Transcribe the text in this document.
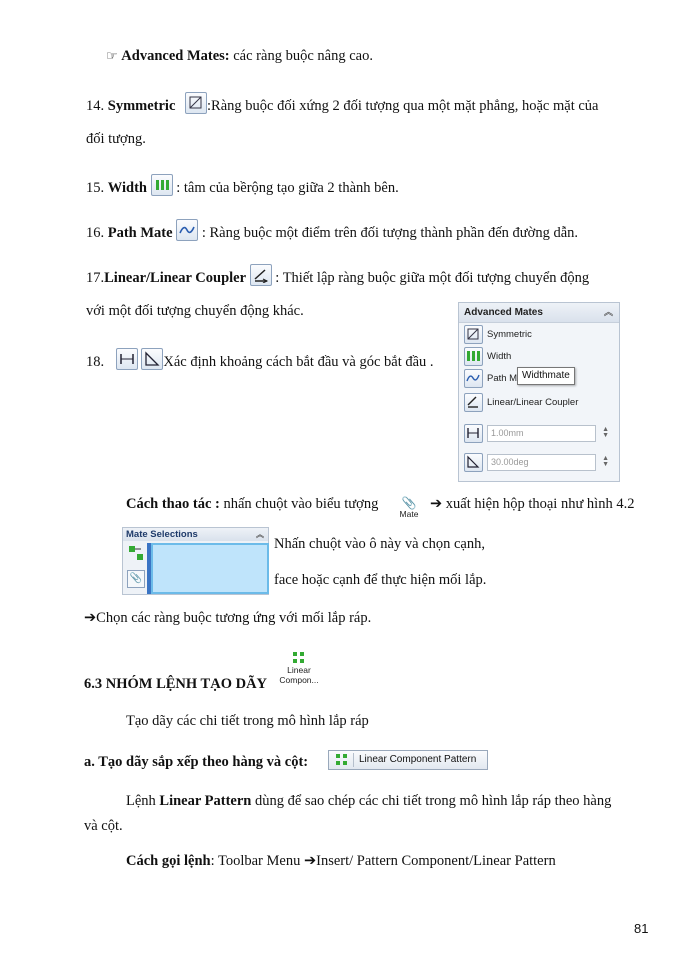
☞ Advanced Mates: các ràng buộc nâng cao.
14. Symmetric :Ràng buộc đối xứng 2 đối tượng qua một mặt phẳng, hoặc mặt của
đối tượng.
15. Width : tâm của bềrộng tạo giữa 2 thành bên.
16. Path Mate : Ràng buộc một điểm trên đối tượng thành phần đến đường dẫn.
17.Linear/Linear Coupler : Thiết lập ràng buộc giữa một đối tượng chuyển động
với một đối tượng chuyển động khác.
18.
	Xác định khoảng cách bắt đầu và góc bắt đầu .
Advanced Mates	︽
Symmetric
Width
Path M
Linear/Linear Coupler
1.00mm	▲
▼
30.00deg	▲
▼
Widthmate
Cách thao tác : nhấn chuột vào biểu tượng	📎
Mate
➔ xuất hiện hộp thoại như hình 4.2
Mate Selections	︽
📎
Nhấn chuột vào ô này và chọn cạnh,
face hoặc cạnh để thực hiện mối lắp.
➔Chọn các ràng buộc tương ứng với mối lắp ráp.
6.3 NHÓM LỆNH TẠO DÃY
Linear
Compon...
Tạo dãy các chi tiết trong mô hình lắp ráp
a. Tạo dãy sắp xếp theo hàng và cột:	Linear Component Pattern
Lệnh Linear Pattern dùng để sao chép các chi tiết trong mô hình lắp ráp theo hàng
và cột.
Cách gọi lệnh: Toolbar Menu ➔Insert/ Pattern Component/Linear Pattern
81
